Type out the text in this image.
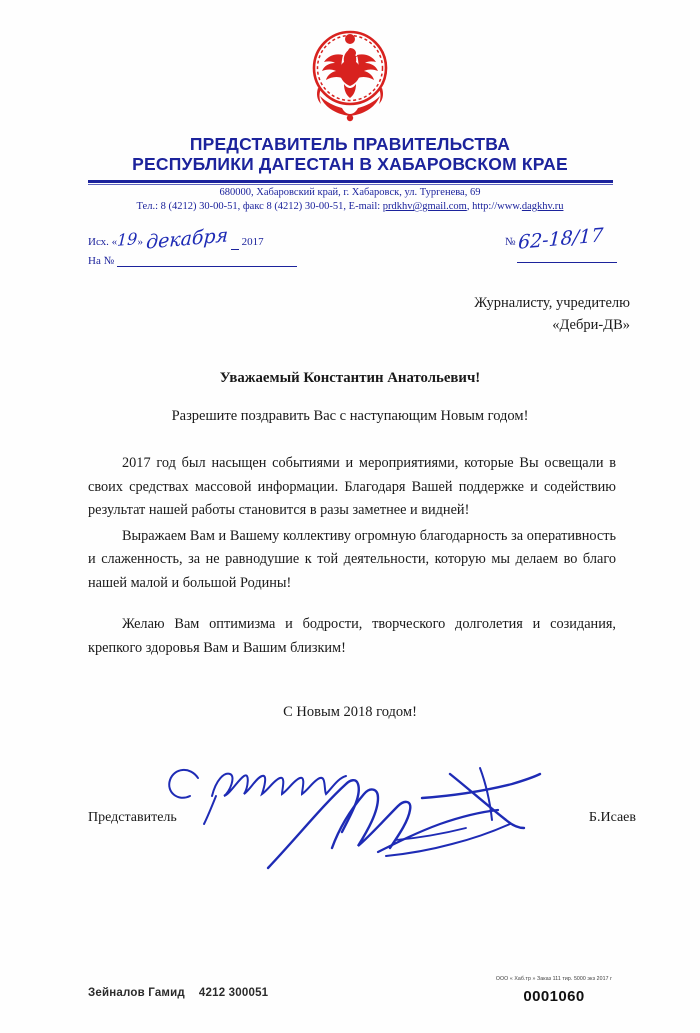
ПРЕДСТАВИТЕЛЬ ПРАВИТЕЛЬСТВА
РЕСПУБЛИКИ ДАГЕСТАН В ХАБАРОВСКОМ КРАЕ
680000, Хабаровский край, г. Хабаровск, ул. Тургенева, 69
Тел.: 8 (4212) 30-00-51, факс 8 (4212) 30-00-51, E-mail: prdkhv@gmail.com, http://www.dagkhv.ru
Исх. «19» декабря 2017
На №
№ 62-18/17
Журналисту, учредителю
«Дебри-ДВ»
Уважаемый Константин Анатольевич!
Разрешите поздравить Вас с наступающим Новым годом!

2017 год был насыщен событиями и мероприятиями, которые Вы освещали в своих средствах массовой информации. Благодаря Вашей поддержке и содействию результат нашей работы становится в разы заметнее и видней!

Выражаем Вам и Вашему коллективу огромную благодарность за оперативность и слаженность, за не равнодушие к той деятельности, которую мы делаем во благо нашей малой и большой Родины!

Желаю Вам оптимизма и бодрости, творческого долголетия и созидания, крепкого здоровья Вам и Вашим близким!

С Новым 2018 годом!
Представитель	Б.Исаев
Зейналов Гамид 4212 300051
ООО « Хаб.тр » Заказ 111 тир. 5000 экз 2017 г
0001060
